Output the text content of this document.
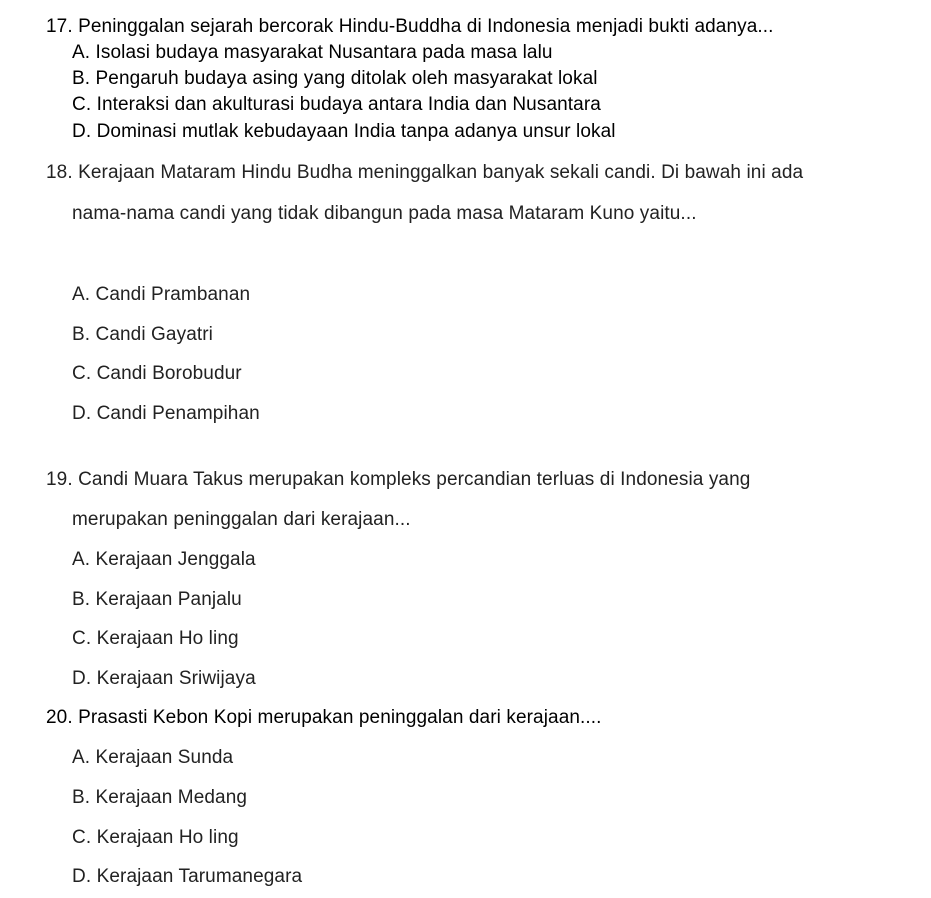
17. Peninggalan sejarah bercorak Hindu-Buddha di Indonesia menjadi bukti adanya...
A. Isolasi budaya masyarakat Nusantara pada masa lalu
B. Pengaruh budaya asing yang ditolak oleh masyarakat lokal
C. Interaksi dan akulturasi budaya antara India dan Nusantara
D. Dominasi mutlak kebudayaan India tanpa adanya unsur lokal
18. Kerajaan Mataram Hindu Budha meninggalkan banyak sekali candi. Di bawah ini ada
nama-nama candi yang tidak dibangun pada masa Mataram Kuno yaitu...
A. Candi Prambanan
B. Candi Gayatri
C. Candi Borobudur
D. Candi Penampihan
19. Candi Muara Takus merupakan kompleks percandian terluas di Indonesia yang
merupakan peninggalan dari kerajaan...
A. Kerajaan Jenggala
B. Kerajaan Panjalu
C. Kerajaan Ho ling
D. Kerajaan Sriwijaya
20. Prasasti Kebon Kopi merupakan peninggalan dari kerajaan....
A. Kerajaan Sunda
B. Kerajaan Medang
C. Kerajaan Ho ling
D. Kerajaan Tarumanegara
